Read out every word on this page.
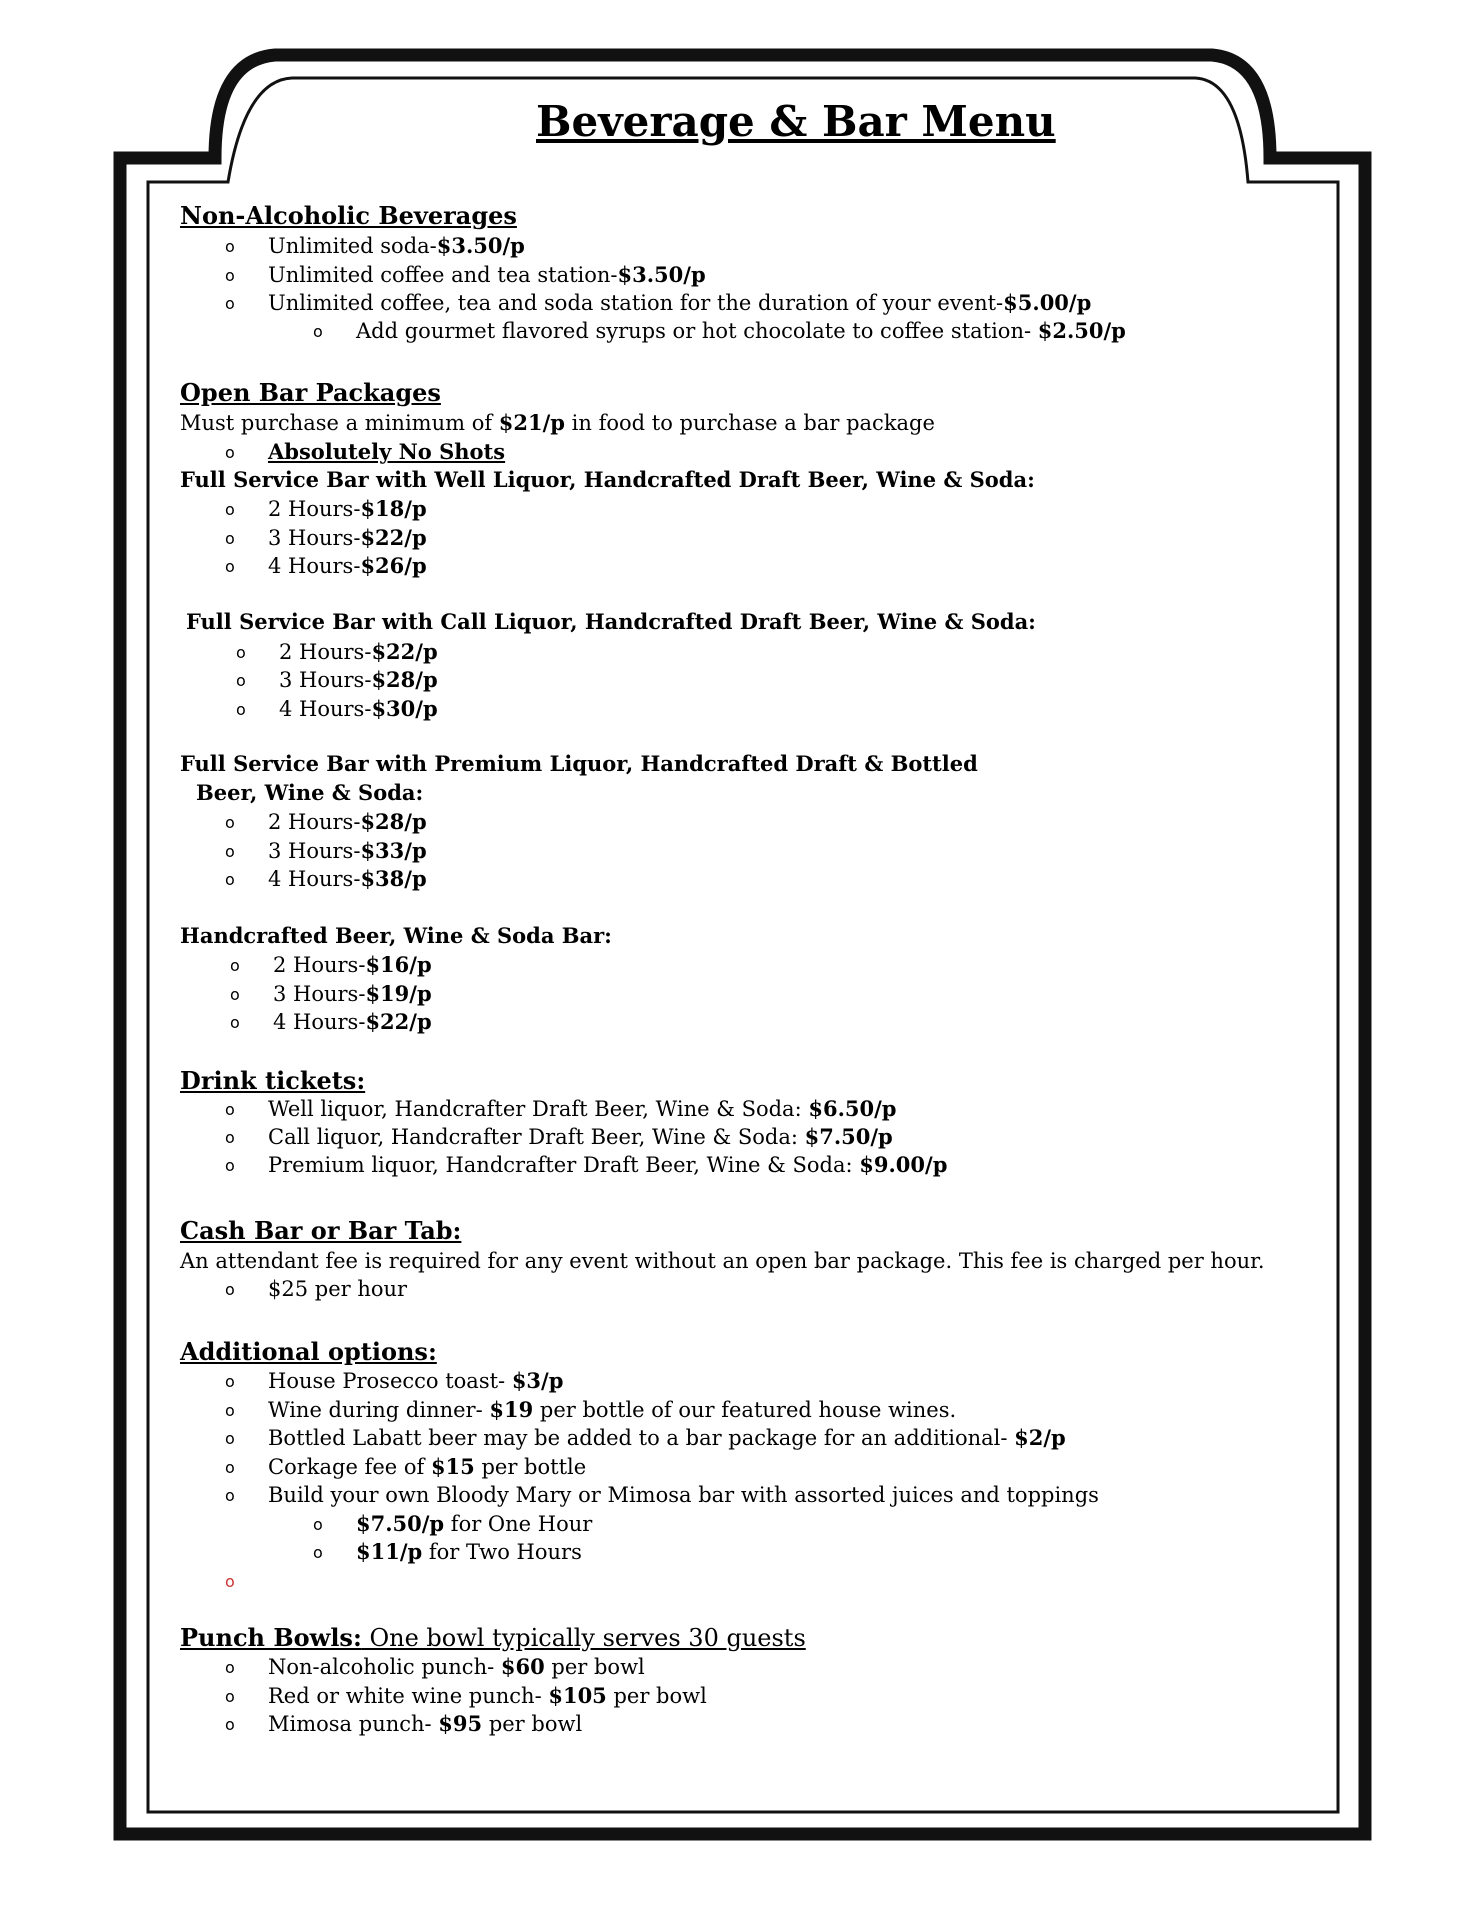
Beverage & Bar Menu
Non-Alcoholic Beverages
o Unlimited soda-$3.50/p
o Unlimited coffee and tea station-$3.50/p
o Unlimited coffee, tea and soda station for the duration of your event-$5.00/p
o Add gourmet flavored syrups or hot chocolate to coffee station- $2.50/p
Open Bar Packages
Must purchase a minimum of $21/p in food to purchase a bar package
o Absolutely No Shots
Full Service Bar with Well Liquor, Handcrafted Draft Beer, Wine & Soda:
o 2 Hours-$18/p
o 3 Hours-$22/p
o 4 Hours-$26/p
Full Service Bar with Call Liquor, Handcrafted Draft Beer, Wine & Soda:
o 2 Hours-$22/p
o 3 Hours-$28/p
o 4 Hours-$30/p
Full Service Bar with Premium Liquor, Handcrafted Draft & Bottled
Beer, Wine & Soda:
o 2 Hours-$28/p
o 3 Hours-$33/p
o 4 Hours-$38/p
Handcrafted Beer, Wine & Soda Bar:
o 2 Hours-$16/p
o 3 Hours-$19/p
o 4 Hours-$22/p
Drink tickets:
o Well liquor, Handcrafter Draft Beer, Wine & Soda: $6.50/p
o Call liquor, Handcrafter Draft Beer, Wine & Soda: $7.50/p
o Premium liquor, Handcrafter Draft Beer, Wine & Soda: $9.00/p
Cash Bar or Bar Tab:
An attendant fee is required for any event without an open bar package. This fee is charged per hour.
o $25 per hour
Additional options:
o House Prosecco toast- $3/p
o Wine during dinner- $19 per bottle of our featured house wines.
o Bottled Labatt beer may be added to a bar package for an additional- $2/p
o Corkage fee of $15 per bottle
o Build your own Bloody Mary or Mimosa bar with assorted juices and toppings
o $7.50/p for One Hour
o $11/p for Two Hours
o
Punch Bowls: One bowl typically serves 30 guests
o Non-alcoholic punch- $60 per bowl
o Red or white wine punch- $105 per bowl
o Mimosa punch- $95 per bowl
